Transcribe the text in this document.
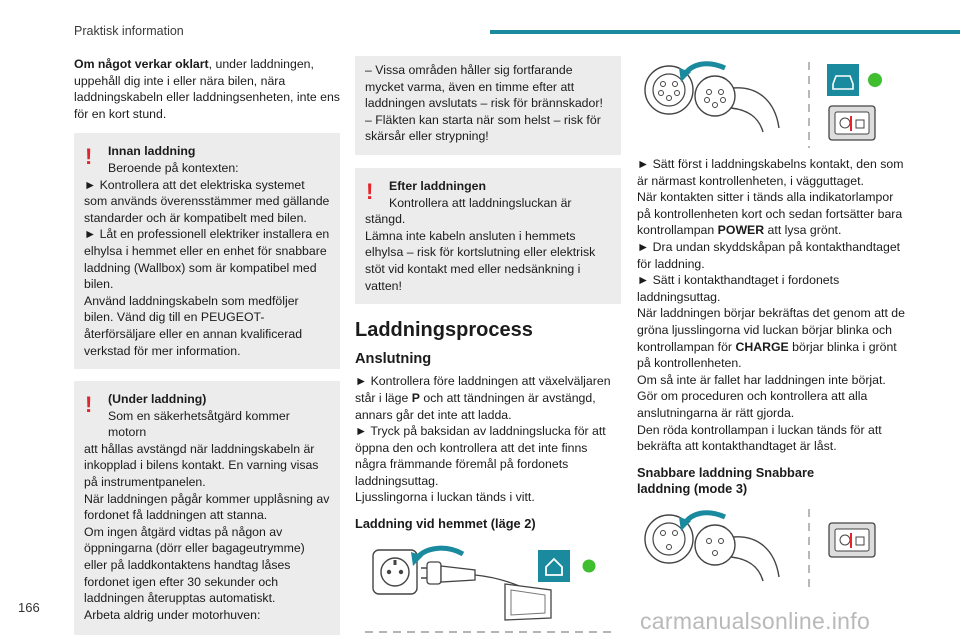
Praktisk information

Om något verkar oklart, under laddningen, uppehåll dig inte i eller nära bilen, nära laddningskabeln eller laddningsenheten, inte ens för en kort stund.

!	Innan laddning
Beroende på kontexten:

► Kontrollera att det elektriska systemet som används överensstämmer med gällande standarder och är kompatibelt med bilen.
► Låt en professionell elektriker installera en elhylsa i hemmet eller en enhet för snabbare laddning (Wallbox) som är kompatibel med bilen.
Använd laddningskabeln som medföljer bilen. Vänd dig till en PEUGEOT-återförsäljare eller en annan kvalificerad verkstad för mer information.

!	(Under laddning)
Som en säkerhetsåtgärd kommer motorn

att hållas avstängd när laddningskabeln är inkopplad i bilens kontakt. En varning visas på instrumentpanelen.
När laddningen pågår kommer upplåsning av fordonet få laddningen att stanna.
Om ingen åtgärd vidtas på någon av öppningarna (dörr eller bagageutrymme) eller på laddkontaktens handtag låses fordonet igen efter 30 sekunder och laddningen återupptas automatiskt.
Arbeta aldrig under motorhuven:

– Vissa områden håller sig fortfarande mycket varma, även en timme efter att laddningen avslutats – risk för brännskador!
– Fläkten kan starta när som helst – risk för skärsår eller strypning!

!	Efter laddningen
Kontrollera att laddningsluckan är

stängd.
Lämna inte kabeln ansluten i hemmets elhylsa – risk för kortslutning eller elektrisk stöt vid kontakt med eller nedsänkning i vatten!

Laddningsprocess
Anslutning

► Kontrollera före laddningen att växelväljaren står i läge P och att tändningen är avstängd, annars går det inte att ladda.

► Tryck på baksidan av laddningslucka för att öppna den och kontrollera att det inte finns några främmande föremål på fordonets laddningsuttag.
Ljusslingorna i luckan tänds i vitt.

Laddning vid hemmet (läge 2)

► Sätt först i laddningskabelns kontakt, den som är närmast kontrollenheten, i vägguttaget.

När kontakten sitter i tänds alla indikatorlampor på kontrollenheten kort och sedan fortsätter bara kontrollampan POWER att lysa grönt.

► Dra undan skyddskåpan på kontakthandtaget för laddning.
► Sätt i kontakthandtaget i fordonets laddningsuttag.

När laddningen börjar bekräftas det genom att de gröna ljusslingorna vid luckan börjar blinka och kontrollampan för CHARGE börjar blinka i grönt på kontrollenheten.

Om så inte är fallet har laddningen inte börjat. Gör om proceduren och kontrollera att alla anslutningarna är rätt gjorda.
Den röda kontrollampan i luckan tänds för att bekräfta att kontakthandtaget är låst.

Snabbare laddning Snabbare laddning (mode 3)
166
carmanualsonline.info
